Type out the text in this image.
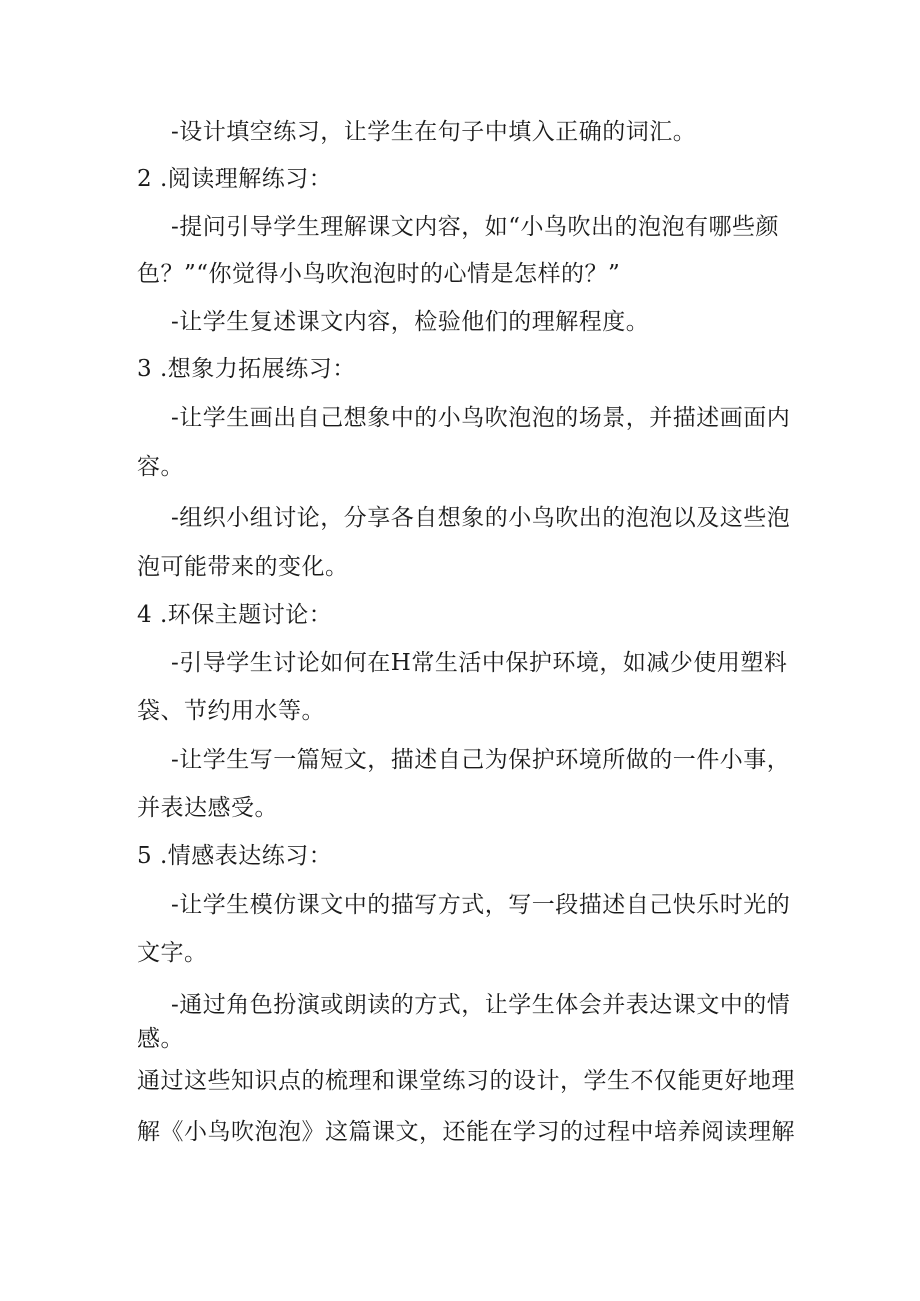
-设计填空练习，让学生在句子中填入正确的词汇。
2 .阅读理解练习：
-提问引导学生理解课文内容，如“小鸟吹出的泡泡有哪些颜
色？”“你觉得小鸟吹泡泡时的心情是怎样的？”
-让学生复述课文内容，检验他们的理解程度。
3 .想象力拓展练习：
-让学生画出自己想象中的小鸟吹泡泡的场景，并描述画面内
容。
-组织小组讨论，分享各自想象的小鸟吹出的泡泡以及这些泡
泡可能带来的变化。
4 .环保主题讨论：
-引导学生讨论如何在H常生活中保护环境，如减少使用塑料
袋、节约用水等。
-让学生写一篇短文，描述自己为保护环境所做的一件小事，
并表达感受。
5 .情感表达练习：
-让学生模仿课文中的描写方式，写一段描述自己快乐时光的
文字。
-通过角色扮演或朗读的方式，让学生体会并表达课文中的情
感。
通过这些知识点的梳理和课堂练习的设计，学生不仅能更好地理
解《小鸟吹泡泡》这篇课文，还能在学习的过程中培养阅读理解
